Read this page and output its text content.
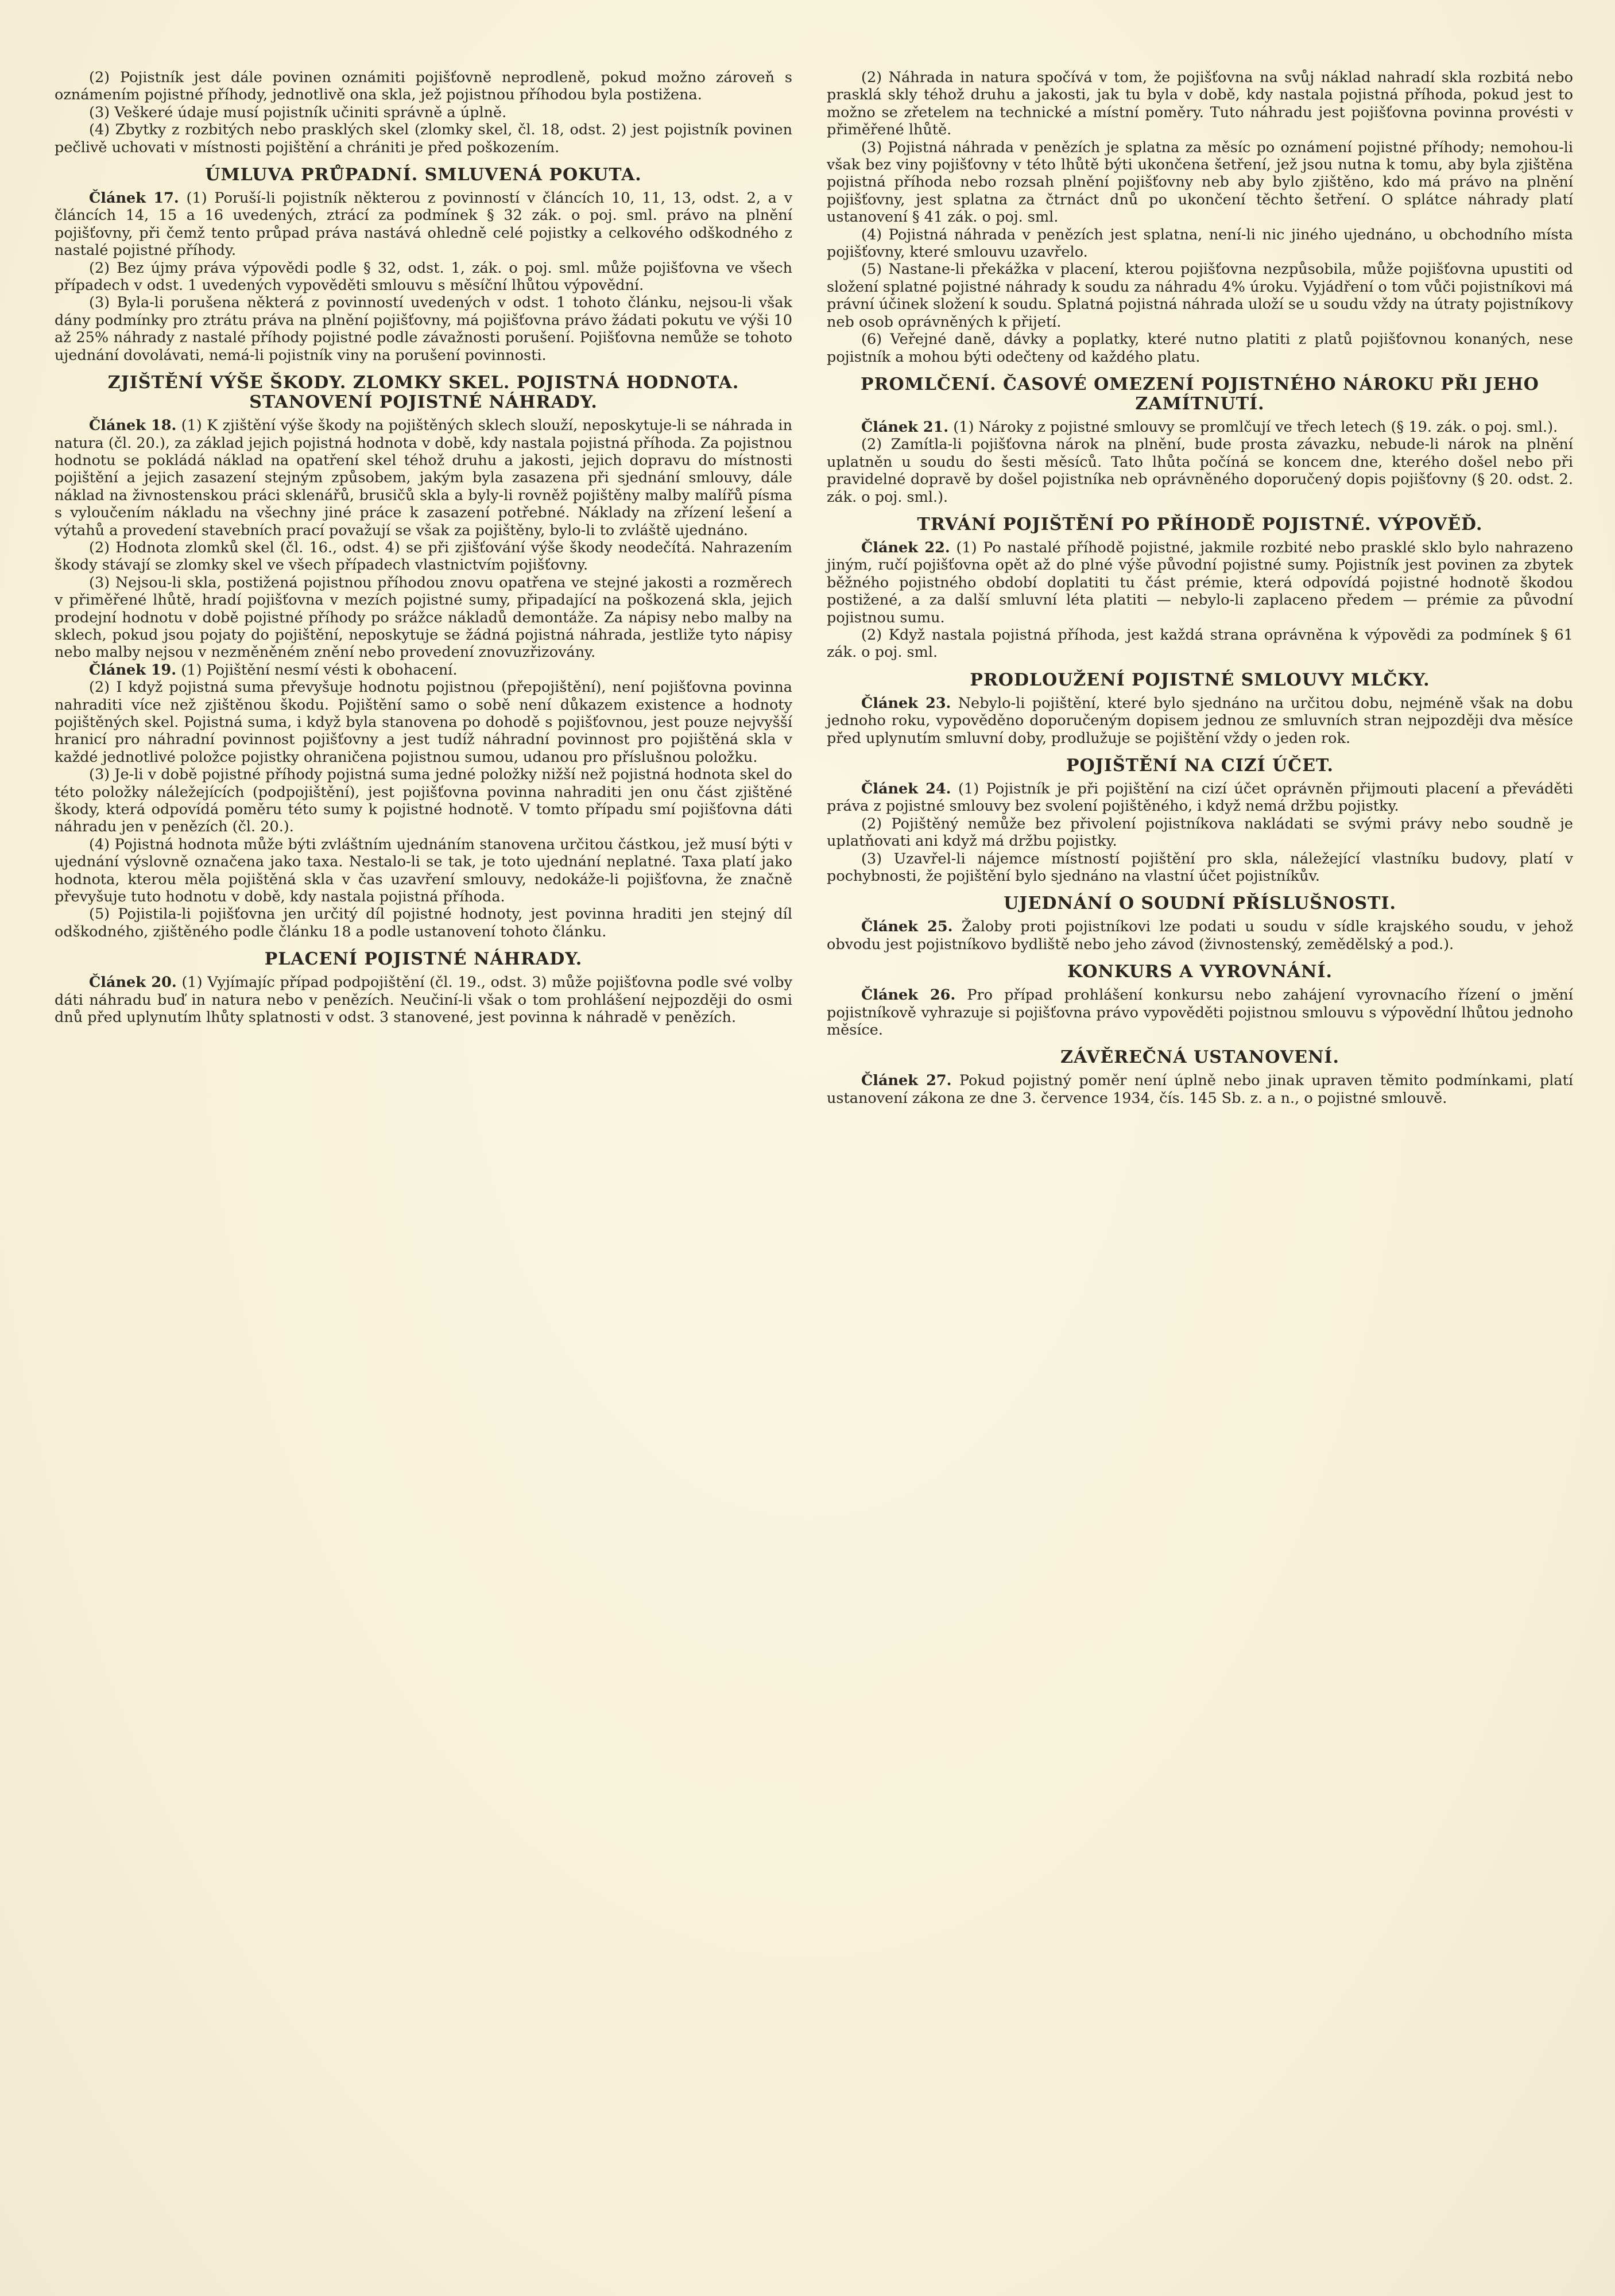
(2) Pojistník jest dále povinen oznámiti pojišťovně neprodleně, pokud možno zároveň s oznámením pojistné příhody, jednotlivě ona skla, jež pojistnou příhodou byla postižena.

(3) Veškeré údaje musí pojistník učiniti správně a úplně.

(4) Zbytky z rozbitých nebo prasklých skel (zlomky skel, čl. 18, odst. 2) jest pojistník povinen pečlivě uchovati v místnosti pojištění a chrániti je před poškozením.

ÚMLUVA PRŮPADNÍ. SMLUVENÁ POKUTA.

Článek 17. (1) Poruší-li pojistník některou z povinností v článcích 10, 11, 13, odst. 2, a v článcích 14, 15 a 16 uvedených, ztrácí za podmínek § 32 zák. o poj. sml. právo na plnění pojišťovny, při čemž tento průpad práva nastává ohledně celé pojistky a celkového odškodného z nastalé pojistné příhody.

(2) Bez újmy práva výpovědi podle § 32, odst. 1, zák. o poj. sml. může pojišťovna ve všech případech v odst. 1 uvedených vypověděti smlouvu s měsíční lhůtou výpovědní.

(3) Byla-li porušena některá z povinností uvedených v odst. 1 tohoto článku, nejsou-li však dány podmínky pro ztrátu práva na plnění pojišťovny, má pojišťovna právo žádati pokutu ve výši 10 až 25% náhrady z nastalé příhody pojistné podle závažnosti porušení. Pojišťovna nemůže se tohoto ujednání dovolávati, nemá-li pojistník viny na porušení povinnosti.

ZJIŠTĚNÍ VÝŠE ŠKODY. ZLOMKY SKEL. POJISTNÁ HODNOTA. STANOVENÍ POJISTNÉ NÁHRADY.

Článek 18. (1) K zjištění výše škody na pojištěných sklech slouží, neposkytuje-li se náhrada in natura (čl. 20.), za základ jejich pojistná hodnota v době, kdy nastala pojistná příhoda. Za pojistnou hodnotu se pokládá náklad na opatření skel téhož druhu a jakosti, jejich dopravu do místnosti pojištění a jejich zasazení stejným způsobem, jakým byla zasazena při sjednání smlouvy, dále náklad na živnostenskou práci sklenářů, brusičů skla a byly-li rovněž pojištěny malby malířů písma s vyloučením nákladu na všechny jiné práce k zasazení potřebné. Náklady na zřízení lešení a výtahů a provedení stavebních prací považují se však za pojištěny, bylo-li to zvláště ujednáno.

(2) Hodnota zlomků skel (čl. 16., odst. 4) se při zjišťování výše škody neodečítá. Nahrazením škody stávají se zlomky skel ve všech případech vlastnictvím pojišťovny.

(3) Nejsou-li skla, postižená pojistnou příhodou znovu opatřena ve stejné jakosti a rozměrech v přiměřené lhůtě, hradí pojišťovna v mezích pojistné sumy, připadající na poškozená skla, jejich prodejní hodnotu v době pojistné příhody po srážce nákladů demontáže. Za nápisy nebo malby na sklech, pokud jsou pojaty do pojištění, neposkytuje se žádná pojistná náhrada, jestliže tyto nápisy nebo malby nejsou v nezměněném znění nebo provedení znovuzřizovány.

Článek 19. (1) Pojištění nesmí vésti k obohacení.

(2) I když pojistná suma převyšuje hodnotu pojistnou (přepojištění), není pojišťovna povinna nahraditi více než zjištěnou škodu. Pojištění samo o sobě není důkazem existence a hodnoty pojištěných skel. Pojistná suma, i když byla stanovena po dohodě s pojišťovnou, jest pouze nejvyšší hranicí pro náhradní povinnost pojišťovny a jest tudíž náhradní povinnost pro pojištěná skla v každé jednotlivé položce pojistky ohraničena pojistnou sumou, udanou pro příslušnou položku.

(3) Je-li v době pojistné příhody pojistná suma jedné položky nižší než pojistná hodnota skel do této položky náležejících (podpojištění), jest pojišťovna povinna nahraditi jen onu část zjištěné škody, která odpovídá poměru této sumy k pojistné hodnotě. V tomto případu smí pojišťovna dáti náhradu jen v penězích (čl. 20.).

(4) Pojistná hodnota může býti zvláštním ujednáním stanovena určitou částkou, jež musí býti v ujednání výslovně označena jako taxa. Nestalo-li se tak, je toto ujednání neplatné. Taxa platí jako hodnota, kterou měla pojištěná skla v čas uzavření smlouvy, nedokáže-li pojišťovna, že značně převyšuje tuto hodnotu v době, kdy nastala pojistná příhoda.

(5) Pojistila-li pojišťovna jen určitý díl pojistné hodnoty, jest povinna hraditi jen stejný díl odškodného, zjištěného podle článku 18 a podle ustanovení tohoto článku.

PLACENÍ POJISTNÉ NÁHRADY.

Článek 20. (1) Vyjímajíc případ podpojištění (čl. 19., odst. 3) může pojišťovna podle své volby dáti náhradu buď in natura nebo v penězích. Neučiní-li však o tom prohlášení nejpozději do osmi dnů před uplynutím lhůty splatnosti v odst. 3 stanovené, jest povinna k náhradě v penězích.

(2) Náhrada in natura spočívá v tom, že pojišťovna na svůj náklad nahradí skla rozbitá nebo prasklá skly téhož druhu a jakosti, jak tu byla v době, kdy nastala pojistná příhoda, pokud jest to možno se zřetelem na technické a místní poměry. Tuto náhradu jest pojišťovna povinna provésti v přiměřené lhůtě.

(3) Pojistná náhrada v penězích je splatna za měsíc po oznámení pojistné příhody; nemohou-li však bez viny pojišťovny v této lhůtě býti ukončena šetření, jež jsou nutna k tomu, aby byla zjištěna pojistná příhoda nebo rozsah plnění pojišťovny neb aby bylo zjištěno, kdo má právo na plnění pojišťovny, jest splatna za čtrnáct dnů po ukončení těchto šetření. O splátce náhrady platí ustanovení § 41 zák. o poj. sml.

(4) Pojistná náhrada v penězích jest splatna, není-li nic jiného ujednáno, u obchodního místa pojišťovny, které smlouvu uzavřelo.

(5) Nastane-li překážka v placení, kterou pojišťovna nezpůsobila, může pojišťovna upustiti od složení splatné pojistné náhrady k soudu za náhradu 4% úroku. Vyjádření o tom vůči pojistníkovi má právní účinek složení k soudu. Splatná pojistná náhrada uloží se u soudu vždy na útraty pojistníkovy neb osob oprávněných k přijetí.

(6) Veřejné daně, dávky a poplatky, které nutno platiti z platů pojišťovnou konaných, nese pojistník a mohou býti odečteny od každého platu.

PROMLČENÍ. ČASOVÉ OMEZENÍ POJISTNÉHO NÁROKU PŘI JEHO ZAMÍTNUTÍ.

Článek 21. (1) Nároky z pojistné smlouvy se promlčují ve třech letech (§ 19. zák. o poj. sml.).

(2) Zamítla-li pojišťovna nárok na plnění, bude prosta závazku, nebude-li nárok na plnění uplatněn u soudu do šesti měsíců. Tato lhůta počíná se koncem dne, kterého došel nebo při pravidelné dopravě by došel pojistníka neb oprávněného doporučený dopis pojišťovny (§ 20. odst. 2. zák. o poj. sml.).

TRVÁNÍ POJIŠTĚNÍ PO PŘÍHODĚ POJISTNÉ. VÝPOVĚĎ.

Článek 22. (1) Po nastalé příhodě pojistné, jakmile rozbité nebo prasklé sklo bylo nahrazeno jiným, ručí pojišťovna opět až do plné výše původní pojistné sumy. Pojistník jest povinen za zbytek běžného pojistného období doplatiti tu část prémie, která odpovídá pojistné hodnotě škodou postižené, a za další smluvní léta platiti — nebylo-li zaplaceno předem — prémie za původní pojistnou sumu.

(2) Když nastala pojistná příhoda, jest každá strana oprávněna k výpovědi za podmínek § 61 zák. o poj. sml.

PRODLOUŽENÍ POJISTNÉ SMLOUVY MLČKY.

Článek 23. Nebylo-li pojištění, které bylo sjednáno na určitou dobu, nejméně však na dobu jednoho roku, vypověděno doporučeným dopisem jednou ze smluvních stran nejpozději dva měsíce před uplynutím smluvní doby, prodlužuje se pojištění vždy o jeden rok.

POJIŠTĚNÍ NA CIZÍ ÚČET.

Článek 24. (1) Pojistník je při pojištění na cizí účet oprávněn přijmouti placení a převáděti práva z pojistné smlouvy bez svolení pojištěného, i když nemá držbu pojistky.

(2) Pojištěný nemůže bez přivolení pojistníkova nakládati se svými právy nebo soudně je uplatňovati ani když má držbu pojistky.

(3) Uzavřel-li nájemce místností pojištění pro skla, náležející vlastníku budovy, platí v pochybnosti, že pojištění bylo sjednáno na vlastní účet pojistníkův.

UJEDNÁNÍ O SOUDNÍ PŘÍSLUŠNOSTI.

Článek 25. Žaloby proti pojistníkovi lze podati u soudu v sídle krajského soudu, v jehož obvodu jest pojistníkovo bydliště nebo jeho závod (živnostenský, zemědělský a pod.).

KONKURS A VYROVNÁNÍ.

Článek 26. Pro případ prohlášení konkursu nebo zahájení vyrovnacího řízení o jmění pojistníkově vyhrazuje si pojišťovna právo vypověděti pojistnou smlouvu s výpovědní lhůtou jednoho měsíce.

ZÁVĚREČNÁ USTANOVENÍ.

Článek 27. Pokud pojistný poměr není úplně nebo jinak upraven těmito podmínkami, platí ustanovení zákona ze dne 3. července 1934, čís. 145 Sb. z. a n., o pojistné smlouvě.
